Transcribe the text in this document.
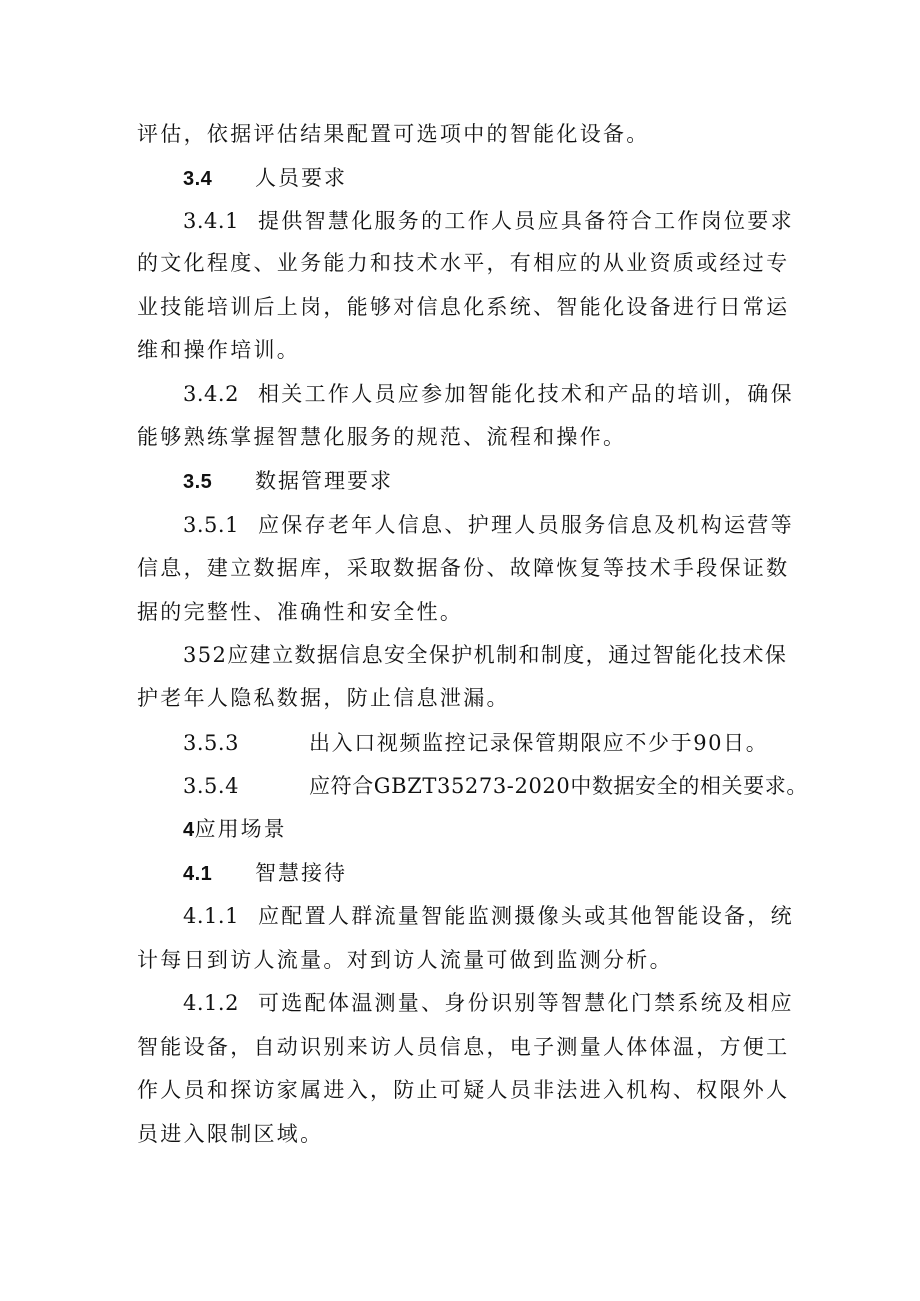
评估，依据评估结果配置可选项中的智能化设备。
3.4 人员要求
3.4.1 提供智慧化服务的工作人员应具备符合工作岗位要求
的文化程度、业务能力和技术水平，有相应的从业资质或经过专
业技能培训后上岗，能够对信息化系统、智能化设备进行日常运
维和操作培训。
3.4.2 相关工作人员应参加智能化技术和产品的培训，确保
能够熟练掌握智慧化服务的规范、流程和操作。
3.5 数据管理要求
3.5.1 应保存老年人信息、护理人员服务信息及机构运营等
信息，建立数据库，采取数据备份、故障恢复等技术手段保证数
据的完整性、准确性和安全性。
352应建立数据信息安全保护机制和制度，通过智能化技术保
护老年人隐私数据，防止信息泄漏。
3.5.3	出入口视频监控记录保管期限应不少于90日。
3.5.4	应符合GBZT35273-2020中数据安全的相关要求。
4应用场景
4.1 智慧接待
4.1.1 应配置人群流量智能监测摄像头或其他智能设备，统
计每日到访人流量。对到访人流量可做到监测分析。
4.1.2 可选配体温测量、身份识别等智慧化门禁系统及相应
智能设备，自动识别来访人员信息，电子测量人体体温，方便工
作人员和探访家属进入，防止可疑人员非法进入机构、权限外人
员进入限制区域。
